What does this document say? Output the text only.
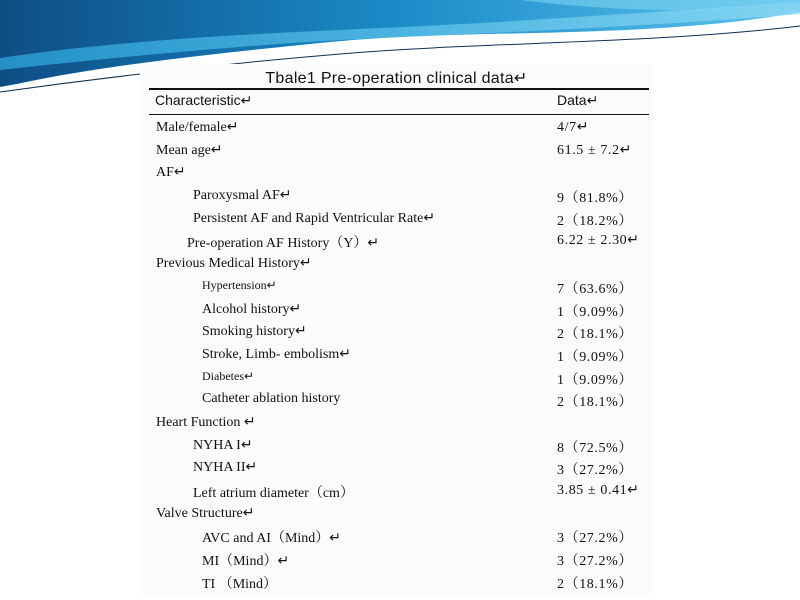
Tbale1 Pre-operation clinical data↵
Characteristic↵	Data↵
Male/female↵	4/7↵
Mean age↵	61.5 ± 7.2↵
AF↵
Paroxysmal AF↵	9（81.8%）
Persistent AF and Rapid Ventricular Rate↵	2（18.2%）
Pre-operation AF History（Y）↵	6.22 ± 2.30↵
Previous Medical History↵
Hypertension↵	7（63.6%）
Alcohol history↵	1（9.09%）
Smoking history↵	2（18.1%）
Stroke, Limb- embolism↵	1（9.09%）
Diabetes↵	1（9.09%）
Catheter ablation history	2（18.1%）
Heart Function ↵
NYHA I↵	8（72.5%）
NYHA II↵	3（27.2%）
Left atrium diameter（cm）	3.85 ± 0.41↵
Valve Structure↵
AVC and AI（Mind）↵	3（27.2%）
MI（Mind）↵	3（27.2%）
TI （Mind）	2（18.1%）
